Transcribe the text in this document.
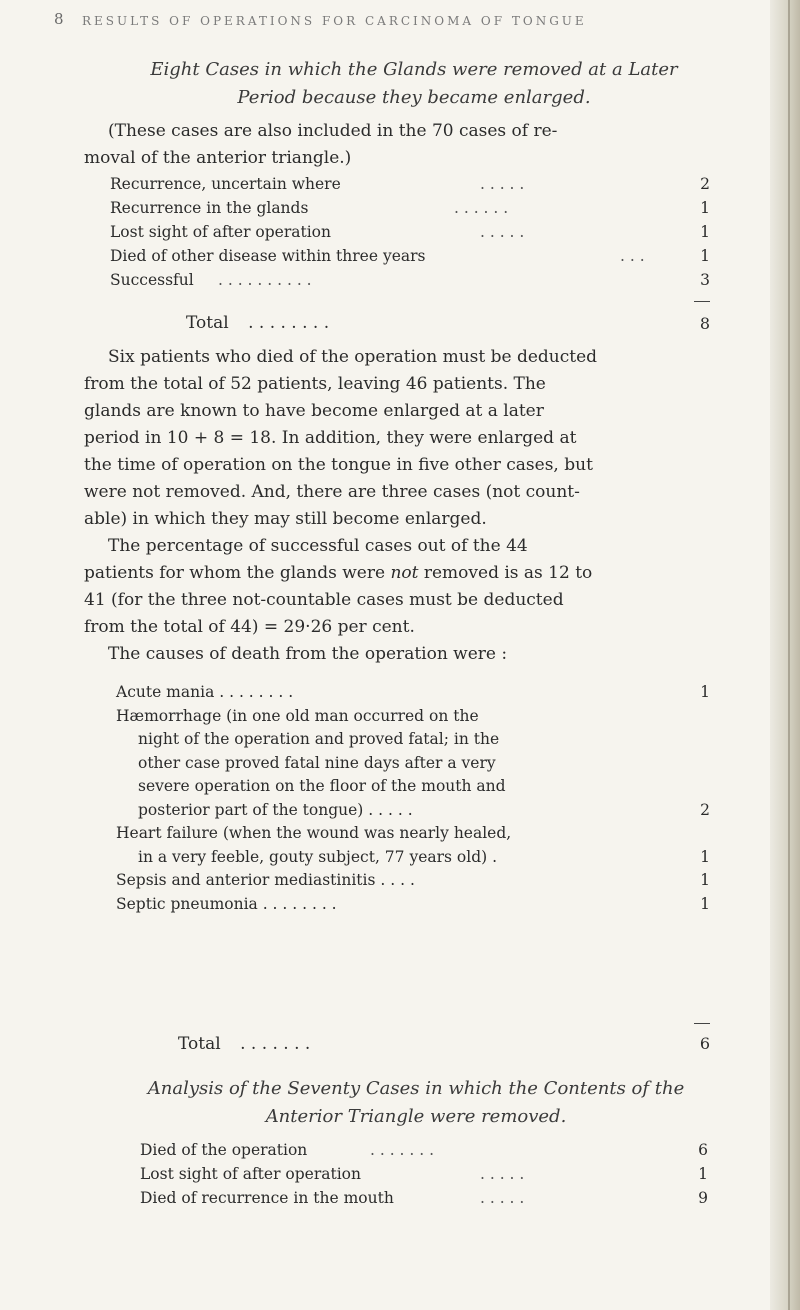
8 RESULTS OF OPERATIONS FOR CARCINOMA OF TONGUE
Eight Cases in which the Glands were removed at a Later
Period because they became enlarged.
(These cases are also included in the 70 cases of re-
moval of the anterior triangle.)
Recurrence, uncertain where	. . . . .	2
Recurrence in the glands	. . . . . .	1
Lost sight of after operation	. . . . .	1
Died of other disease within three years	. . .	1
Successful . . . . . . . . . .	3
Total . . . . . . . .	8
Six patients who died of the operation must be deducted
from the total of 52 patients, leaving 46 patients. The
glands are known to have become enlarged at a later
period in 10 + 8 = 18. In addition, they were enlarged at
the time of operation on the tongue in five other cases, but
were not removed. And, there are three cases (not count-
able) in which they may still become enlarged.
The percentage of successful cases out of the 44
patients for whom the glands were not removed is as 12 to
41 (for the three not-countable cases must be deducted
from the total of 44) = 29·26 per cent.
The causes of death from the operation were :
Acute mania . . . . . . . .	1
Hæmorrhage (in one old man occurred on the
night of the operation and proved fatal; in the
other case proved fatal nine days after a very
severe operation on the floor of the mouth and
posterior part of the tongue) . . . . .	2
Heart failure (when the wound was nearly healed,
in a very feeble, gouty subject, 77 years old) .	1
Sepsis and anterior mediastinitis . . . .	1
Septic pneumonia . . . . . . . .	1
Total . . . . . . .	6
Analysis of the Seventy Cases in which the Contents of the
Anterior Triangle were removed.
Died of the operation	. . . . . . .	6
Lost sight of after operation	. . . . .	1
Died of recurrence in the mouth	. . . . .	9
